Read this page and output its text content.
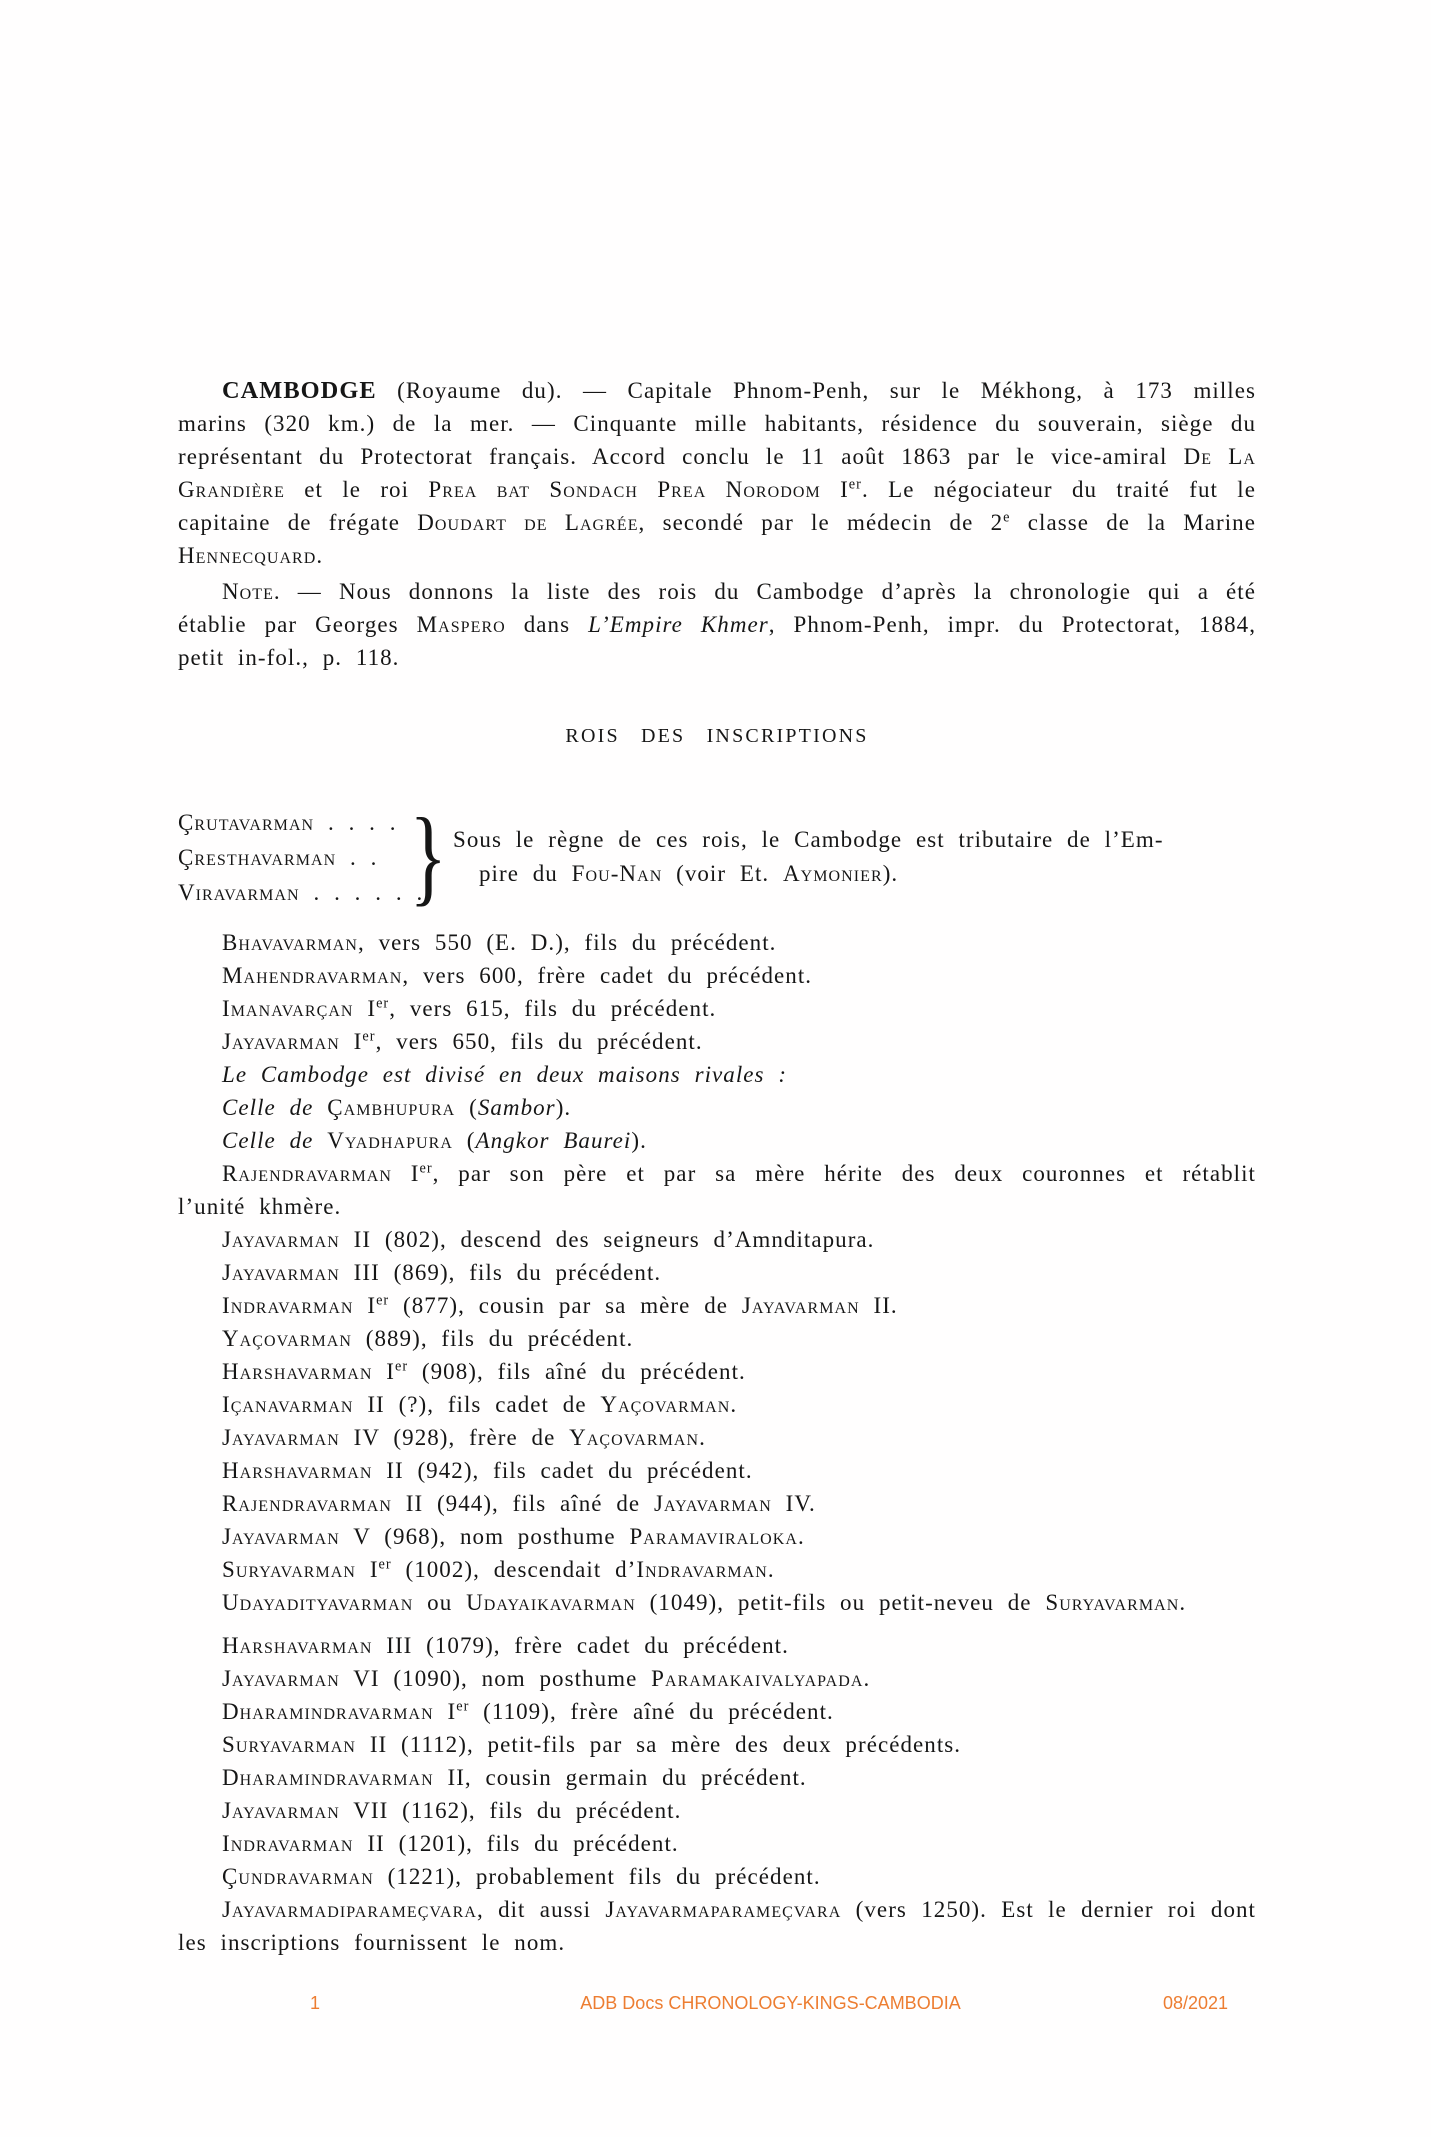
CAMBODGE (Royaume du). — Capitale Phnom-Penh, sur le Mékhong, à 173 milles marins (320 km.) de la mer. — Cinquante mille habitants, résidence du souverain, siège du représentant du Protectorat français. Accord conclu le 11 août 1863 par le vice-amiral De La Grandière et le roi Prea bat Sondach Prea Norodom Ier. Le négociateur du traité fut le capitaine de frégate Doudart de Lagrée, secondé par le médecin de 2e classe de la Marine Hennecquard.

Note. — Nous donnons la liste des rois du Cambodge d’après la chronologie qui a été établie par Georges Maspero dans L’Empire Khmer, Phnom-Penh, impr. du Protectorat, 1884, petit in-fol., p. 118.

ROIS DES INSCRIPTIONS
Çrutavarman . . . .
Çresthavarman . .
Viravarman . . . . . .
} Sous le règne de ces rois, le Cambodge est tributaire de l’Em-
pire du Fou-Nan (voir Et. Aymonier).

Bhavavarman, vers 550 (E. D.), fils du précédent.

Mahendravarman, vers 600, frère cadet du précédent.

Imanavarçan Ier, vers 615, fils du précédent.

Jayavarman Ier, vers 650, fils du précédent.

Le Cambodge est divisé en deux maisons rivales :

Celle de Çambhupura (Sambor).

Celle de Vyadhapura (Angkor Baurei).

Rajendravarman Ier, par son père et par sa mère hérite des deux couronnes et rétablit l’unité khmère.

Jayavarman II (802), descend des seigneurs d’Amnditapura.

Jayavarman III (869), fils du précédent.

Indravarman Ier (877), cousin par sa mère de Jayavarman II.

Yaçovarman (889), fils du précédent.

Harshavarman Ier (908), fils aîné du précédent.

Içanavarman II (?), fils cadet de Yaçovarman.

Jayavarman IV (928), frère de Yaçovarman.

Harshavarman II (942), fils cadet du précédent.

Rajendravarman II (944), fils aîné de Jayavarman IV.

Jayavarman V (968), nom posthume Paramaviraloka.

Suryavarman Ier (1002), descendait d’Indravarman.

Udayadityavarman ou Udayaikavarman (1049), petit-fils ou petit-neveu de Suryavarman.

Harshavarman III (1079), frère cadet du précédent.

Jayavarman VI (1090), nom posthume Paramakaivalyapada.

Dharamindravarman Ier (1109), frère aîné du précédent.

Suryavarman II (1112), petit-fils par sa mère des deux précédents.

Dharamindravarman II, cousin germain du précédent.

Jayavarman VII (1162), fils du précédent.

Indravarman II (1201), fils du précédent.

Çundravarman (1221), probablement fils du précédent.

Jayavarmadiparameçvara, dit aussi Jayavarmaparameçvara (vers 1250). Est le dernier roi dont les inscriptions fournissent le nom.

ADB Docs CHRONOLOGY-KINGS-CAMBODIA
1	08/2021
